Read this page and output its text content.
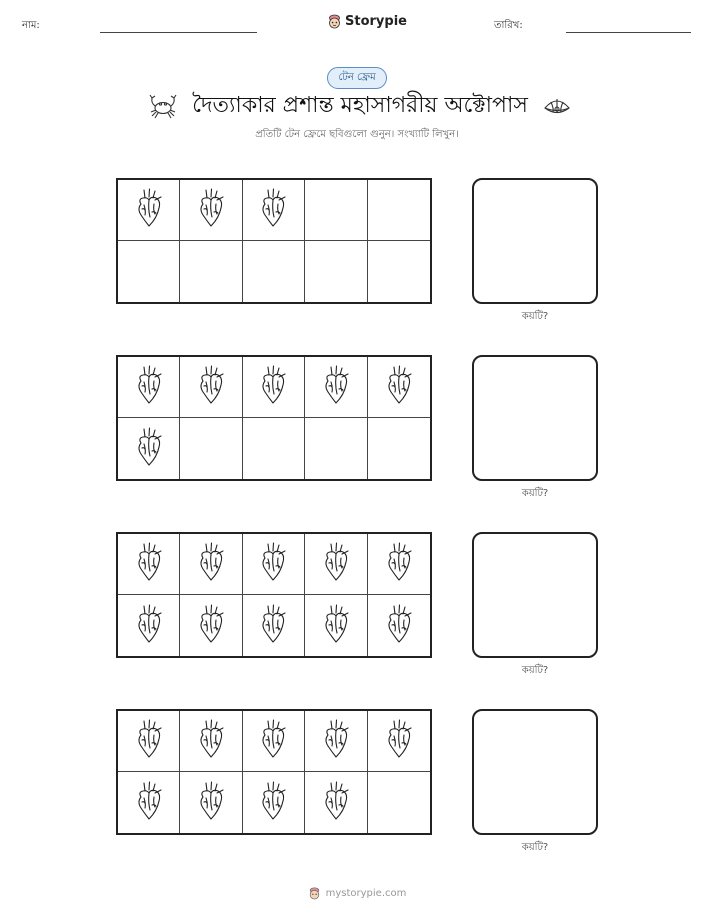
নাম:	Storypie	তারিখ:
টেন ফ্রেম
দৈত্যাকার প্রশান্ত মহাসাগরীয় অক্টোপাস
প্রতিটি টেন ফ্রেমে ছবিগুলো গুনুন। সংখ্যাটি লিখুন।
কয়টি?
কয়টি?
কয়টি?
কয়টি?
mystorypie.com
